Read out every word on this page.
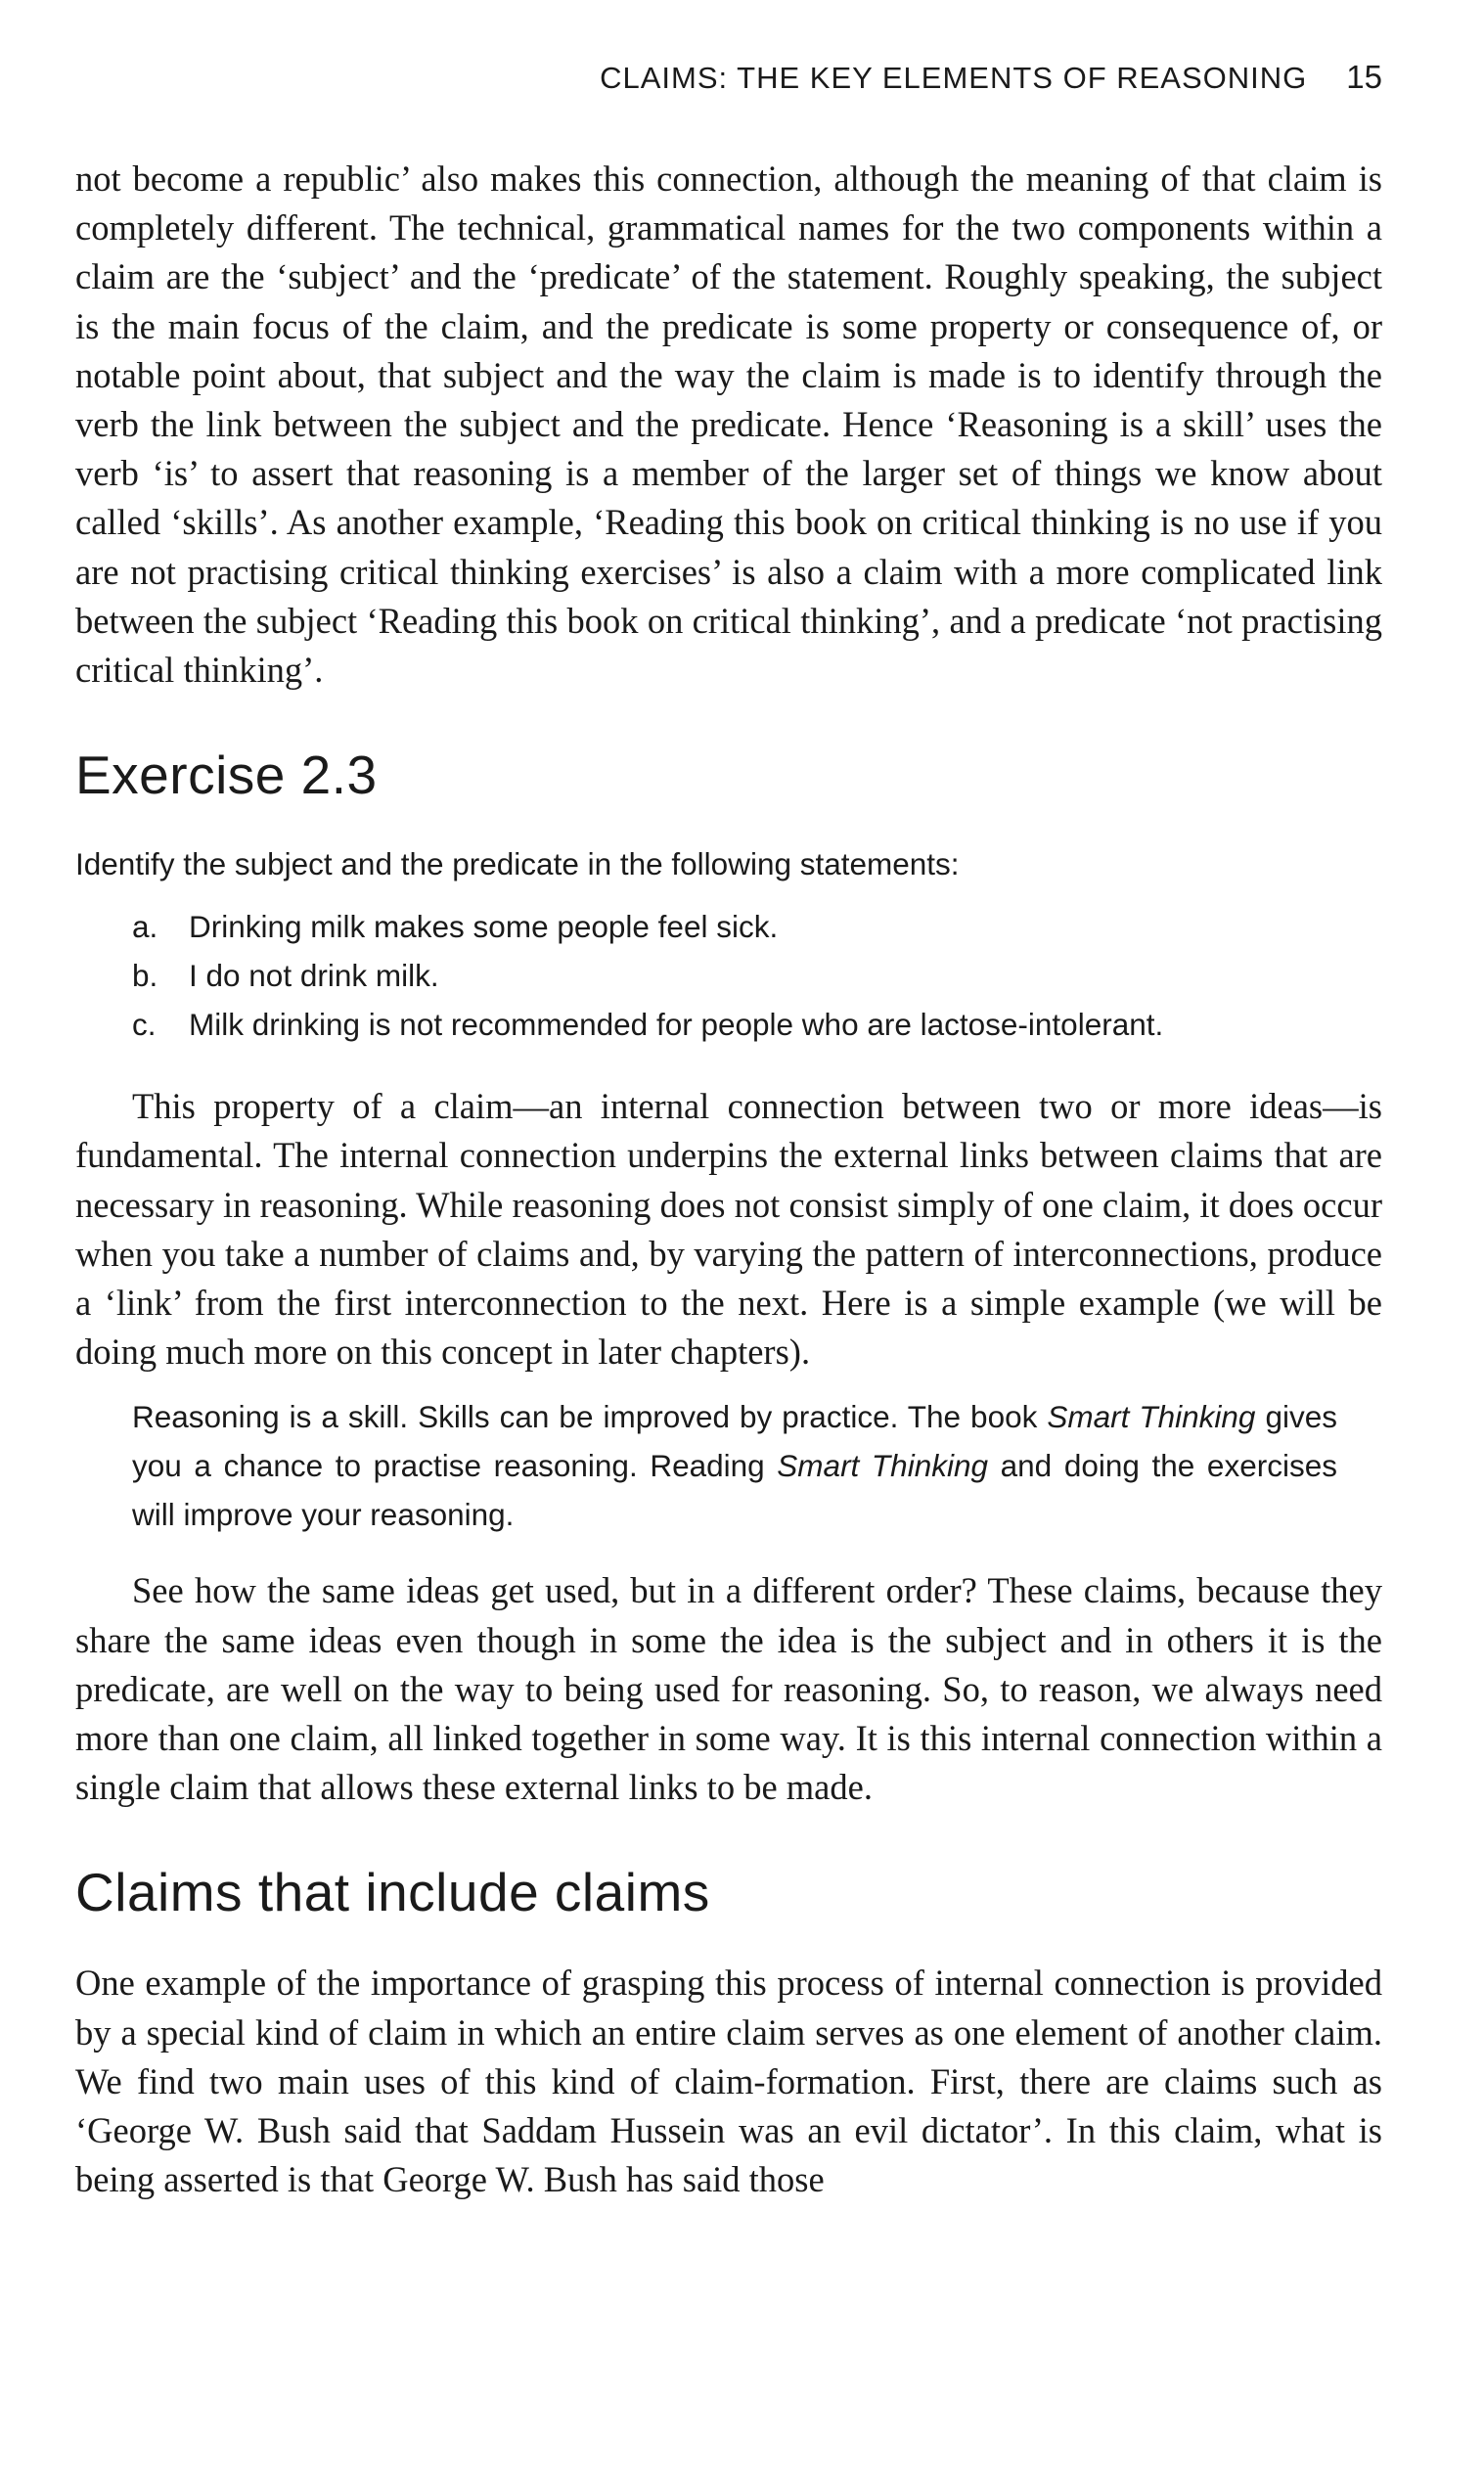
CLAIMS: THE KEY ELEMENTS OF REASONING 15

not become a republic’ also makes this connection, although the meaning of that claim is completely different. The technical, grammatical names for the two components within a claim are the ‘subject’ and the ‘predicate’ of the statement. Roughly speaking, the subject is the main focus of the claim, and the predicate is some property or consequence of, or notable point about, that subject and the way the claim is made is to identify through the verb the link between the subject and the predicate. Hence ‘Reasoning is a skill’ uses the verb ‘is’ to assert that reasoning is a member of the larger set of things we know about called ‘skills’. As another example, ‘Reading this book on critical thinking is no use if you are not practising critical thinking exercises’ is also a claim with a more complicated link between the subject ‘Reading this book on critical thinking’, and a predicate ‘not practising critical thinking’.

Exercise 2.3

Identify the subject and the predicate in the following statements:

a.	Drinking milk makes some people feel sick.
b.	I do not drink milk.
c.	Milk drinking is not recommended for people who are lactose-intolerant.

This property of a claim—an internal connection between two or more ideas—is fundamental. The internal connection underpins the external links between claims that are necessary in reasoning. While reasoning does not consist simply of one claim, it does occur when you take a number of claims and, by varying the pattern of interconnections, produce a ‘link’ from the first interconnection to the next. Here is a simple example (we will be doing much more on this concept in later chapters).

Reasoning is a skill. Skills can be improved by practice. The book Smart Thinking gives you a chance to practise reasoning. Reading Smart Thinking and doing the exercises will improve your reasoning.

See how the same ideas get used, but in a different order? These claims, because they share the same ideas even though in some the idea is the subject and in others it is the predicate, are well on the way to being used for reasoning. So, to reason, we always need more than one claim, all linked together in some way. It is this internal connection within a single claim that allows these external links to be made.

Claims that include claims

One example of the importance of grasping this process of internal connection is provided by a special kind of claim in which an entire claim serves as one element of another claim. We find two main uses of this kind of claim-formation. First, there are claims such as ‘George W. Bush said that Saddam Hussein was an evil dictator’. In this claim, what is being asserted is that George W. Bush has said those
